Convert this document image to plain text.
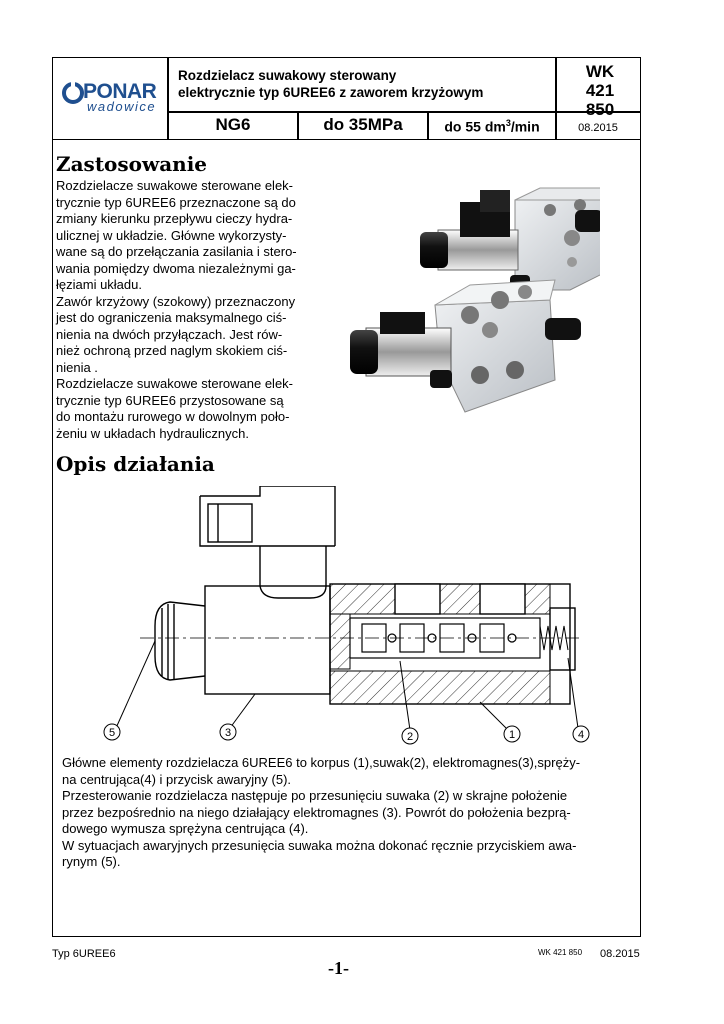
PONAR
wadowice
Rozdzielacz suwakowy sterowany
elektrycznie typ 6UREE6 z zaworem krzyżowym
WK
421 850
NG6	do 35MPa	do 55 $dm^3/\min$	08.2015
Zastosowanie
Rozdzielacze suwakowe sterowane elek-
trycznie typ 6UREE6 przeznaczone są do
zmiany kierunku przepływu cieczy hydra-
ulicznej w układzie. Główne wykorzysty-
wane są do przełączania zasilania i stero-
wania pomiędzy dwoma niezależnymi ga-
łęziami układu.
Zawór krzyżowy (szokowy) przeznaczony
jest do ograniczenia maksymalnego ciś-
nienia na dwóch przyłączach. Jest rów-
nież ochroną przed naglym skokiem ciś-
nienia .
Rozdzielacze suwakowe sterowane elek-
trycznie typ 6UREE6 przystosowane są
do montażu rurowego w dowolnym poło-
żeniu w układach hydraulicznych.
Opis działania
5	3	2	1	4
Główne elementy rozdzielacza 6UREE6 to korpus (1),suwak(2), elektromagnes(3),spręży-
na centrująca(4) i przycisk awaryjny (5).
Przesterowanie rozdzielacza następuje po przesunięciu suwaka (2) w skrajne położenie
przez bezpośrednio na niego działający elektromagnes (3). Powrót do położenia bezprą-
dowego wymusza sprężyna centrująca (4).
W sytuacjach awaryjnych przesunięcia suwaka można dokonać ręcznie przyciskiem awa-
rynym (5).
Typ 6UREE6	WK 421 850 08.2015
-1-
